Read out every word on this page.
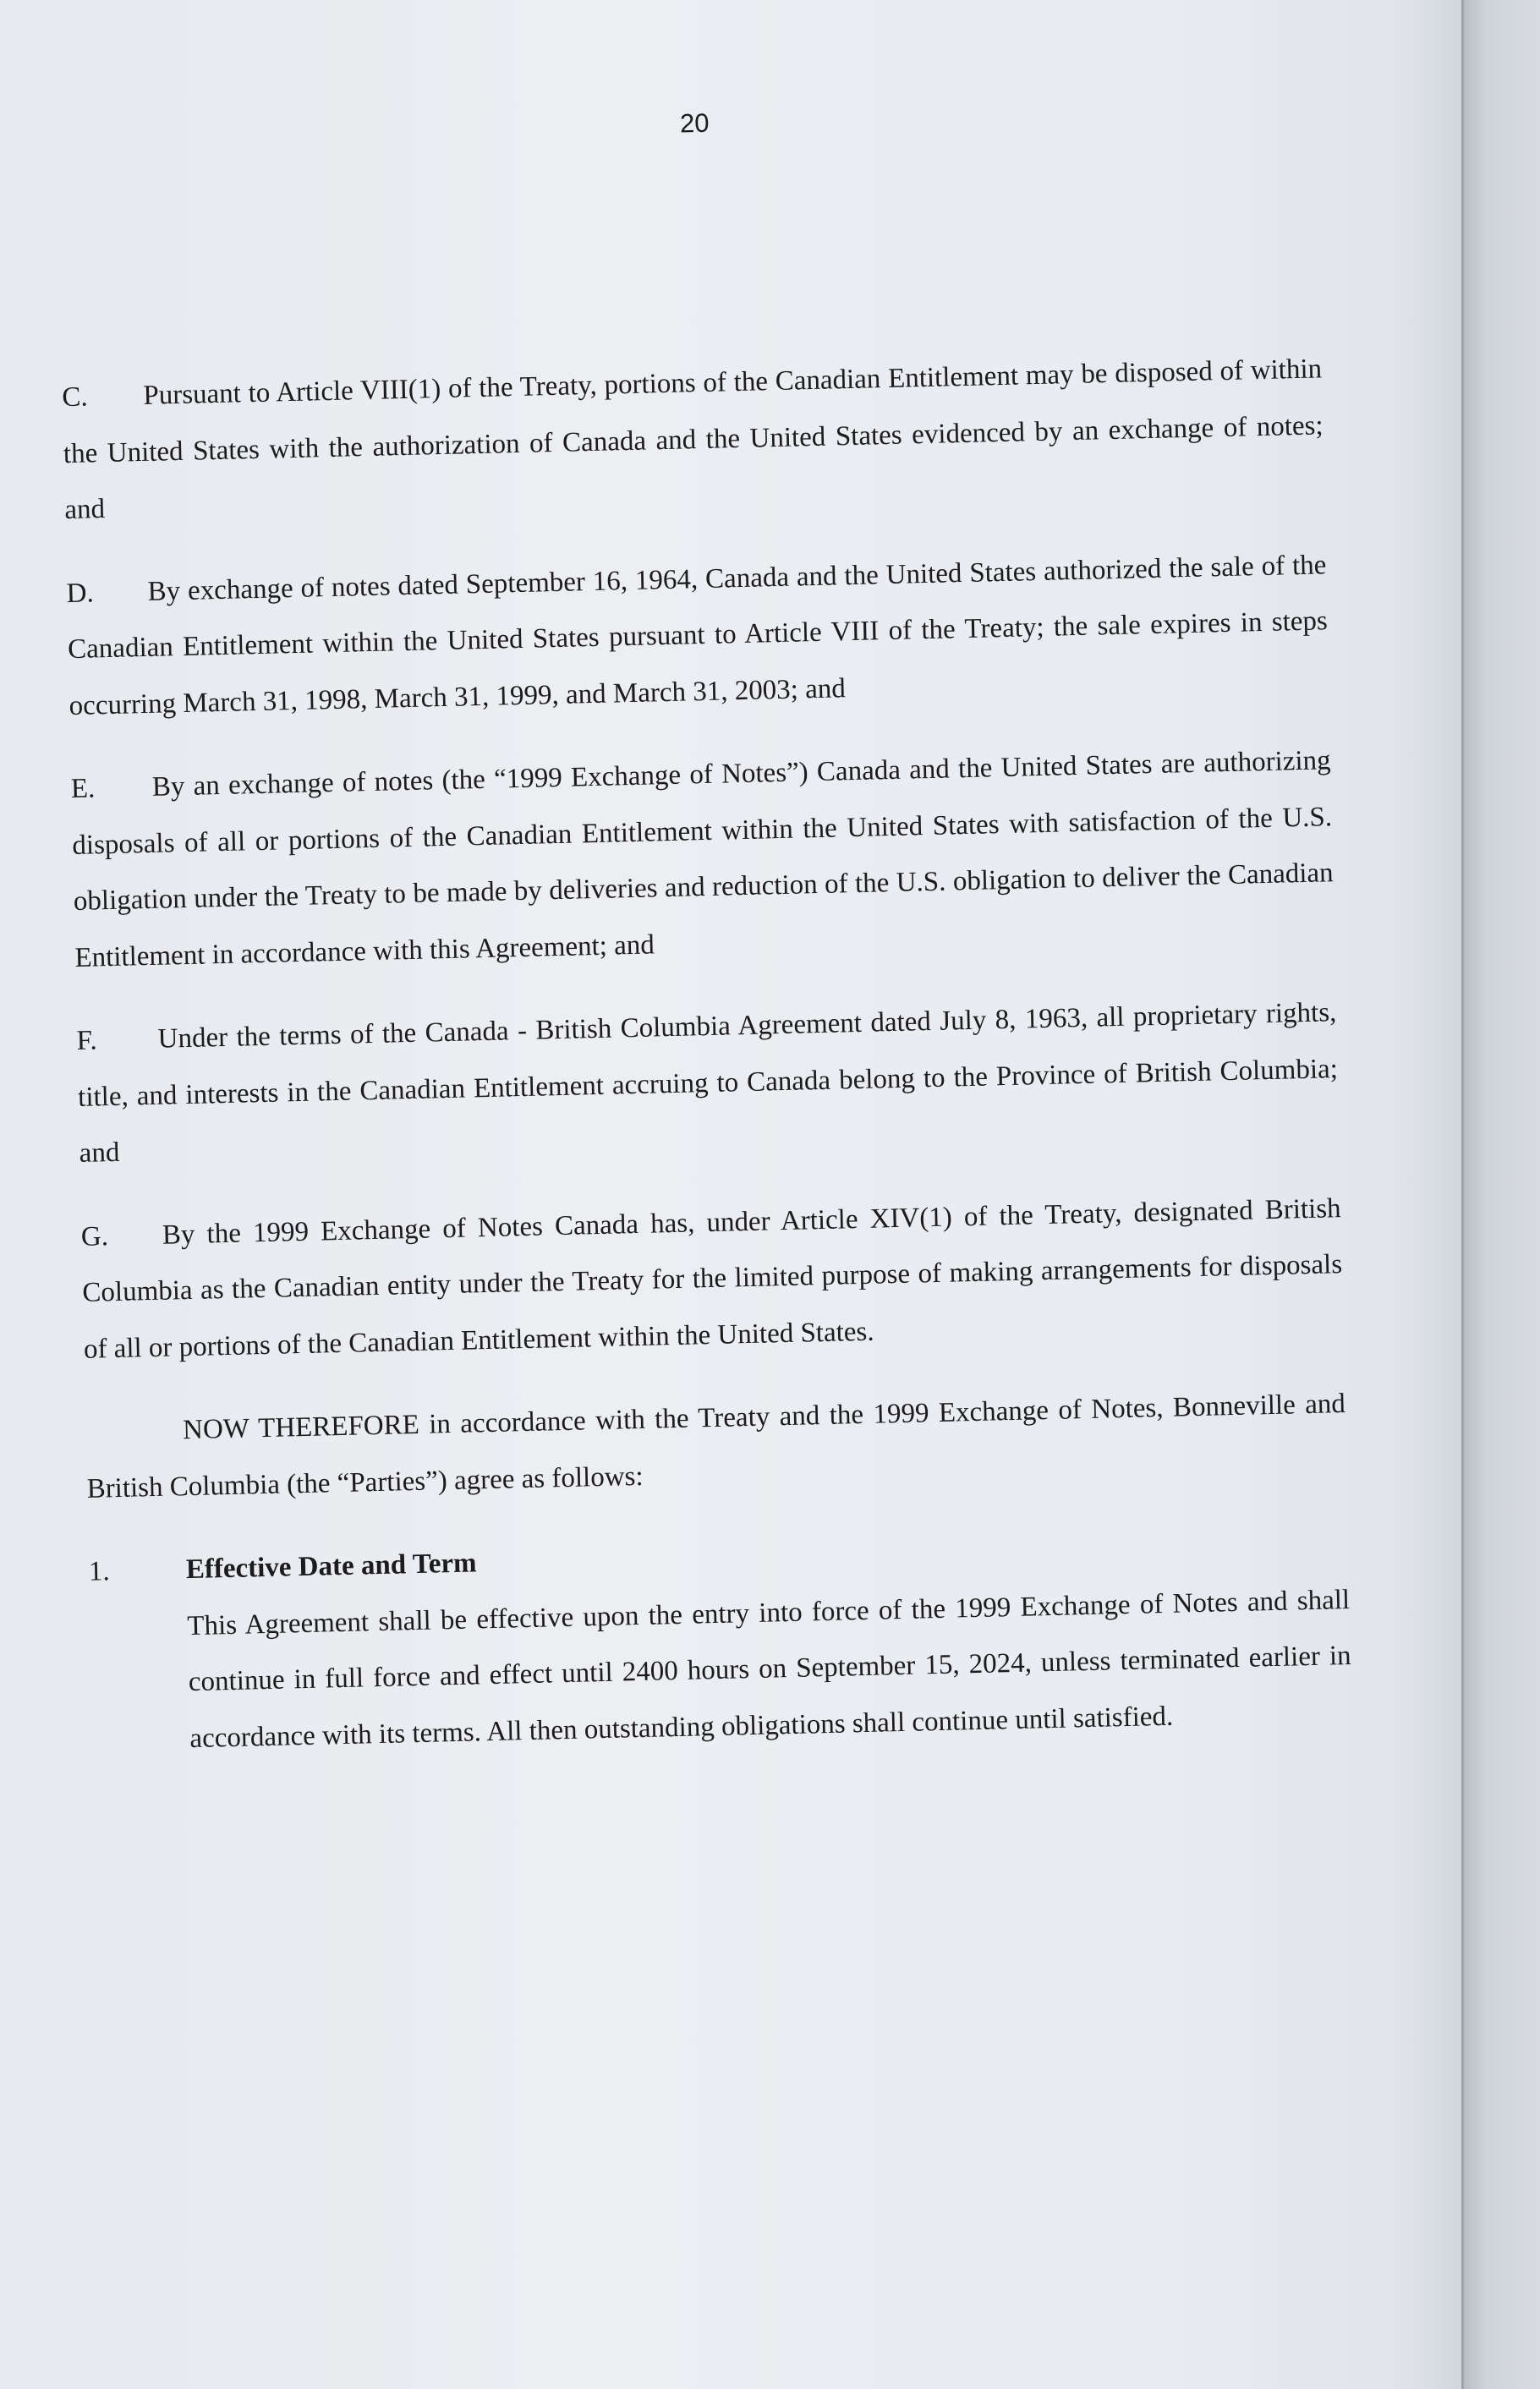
20

C. Pursuant to Article VIII(1) of the Treaty, portions of the Canadian Entitlement may be disposed of within the United States with the authorization of Canada and the United States evidenced by an exchange of notes; and

D. By exchange of notes dated September 16, 1964, Canada and the United States authorized the sale of the Canadian Entitlement within the United States pursuant to Article VIII of the Treaty; the sale expires in steps occurring March 31, 1998, March 31, 1999, and March 31, 2003; and

E. By an exchange of notes (the “1999 Exchange of Notes”) Canada and the United States are authorizing disposals of all or portions of the Canadian Entitlement within the United States with satisfaction of the U.S. obligation under the Treaty to be made by deliveries and reduction of the U.S. obligation to deliver the Canadian Entitlement in accordance with this Agreement; and

F. Under the terms of the Canada - British Columbia Agreement dated July 8, 1963, all proprietary rights, title, and interests in the Canadian Entitlement accruing to Canada belong to the Province of British Columbia; and

G. By the 1999 Exchange of Notes Canada has, under Article XIV(1) of the Treaty, designated British Columbia as the Canadian entity under the Treaty for the limited purpose of making arrangements for disposals of all or portions of the Canadian Entitlement within the United States.

NOW THEREFORE in accordance with the Treaty and the 1999 Exchange of Notes, Bonneville and British Columbia (the “Parties”) agree as follows:

1.	Effective Date and Term

This Agreement shall be effective upon the entry into force of the 1999 Exchange of Notes and shall continue in full force and effect until 2400 hours on September 15, 2024, unless terminated earlier in accordance with its terms. All then outstanding obligations shall continue until satisfied.
